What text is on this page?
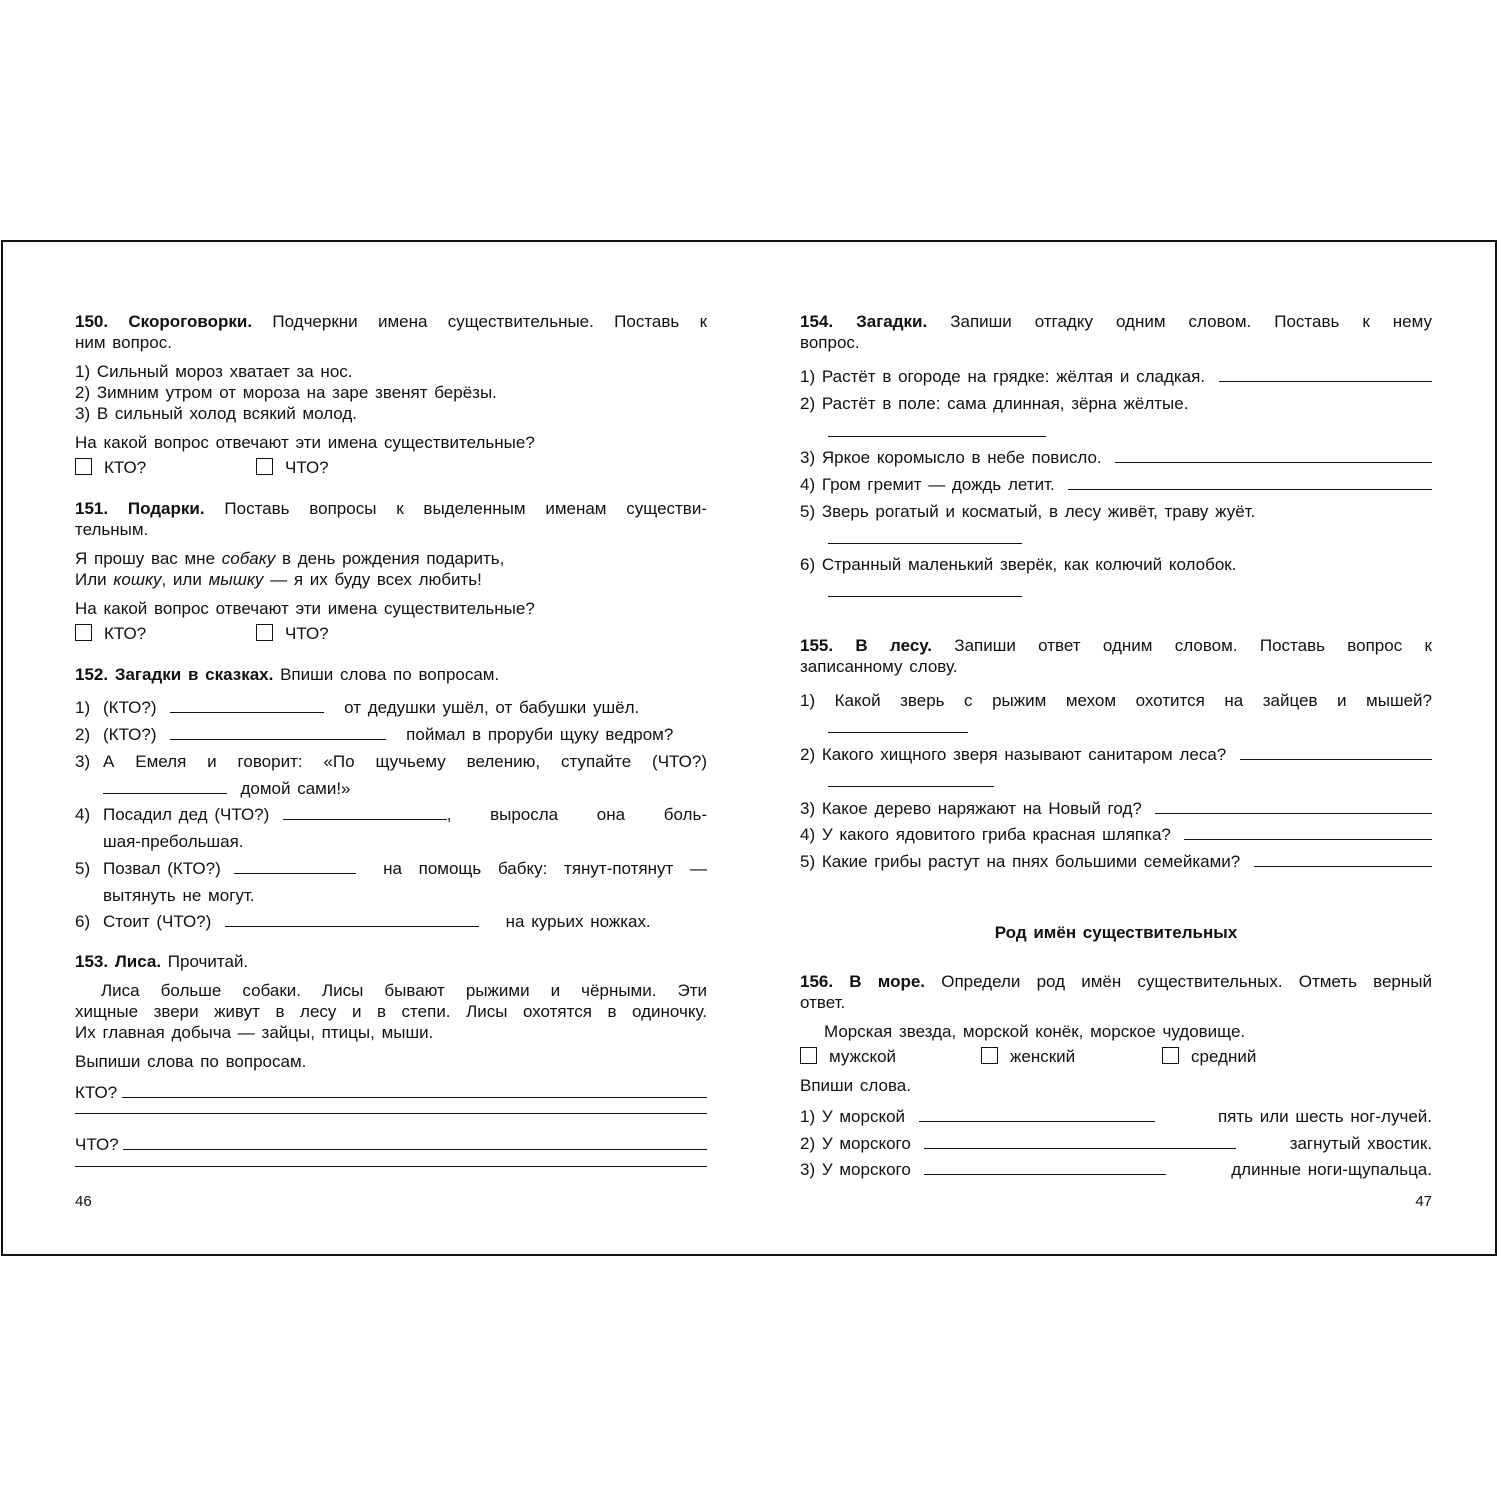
150. Скороговорки. Подчеркни имена существительные. Поставь к
ним вопрос.
1) Сильный мороз хватает за нос.
2) Зимним утром от мороза на заре звенят берёзы.
3) В сильный холод всякий молод.
На какой вопрос отвечают эти имена существительные?
КТО?	ЧТО?
151. Подарки. Поставь вопросы к выделенным именам существи-
тельным.
Я прошу вас мне собаку в день рождения подарить,
Или кошку, или мышку — я их буду всех любить!
На какой вопрос отвечают эти имена существительные?
КТО?	ЧТО?
152. Загадки в сказках. Впиши слова по вопросам.
1) (КТО?)

	от дедушки ушёл, от бабушки ушёл.
2) (КТО?)

	поймал в проруби щуку ведром?
3) А Емеля и говорит: «По щучьему велению, ступайте (ЧТО?)

домой сами!»
4) Посадил дед (ЧТО?)
	, выросла она боль-
шая-пребольшая.
5) Позвал (КТО?)

	на помощь бабку: тянут-потянут —
вытянуть не могут.
6) Стоит (ЧТО?)

	на курьих ножках.
153. Лиса. Прочитай.
Лиса больше собаки. Лисы бывают рыжими и чёрными. Эти
хищные звери живут в лесу и в степи. Лисы охотятся в одиночку.
Их главная добыча — зайцы, птицы, мыши.
Выпиши слова по вопросам.
КТО?

ЧТО?

46
154. Загадки. Запиши отгадку одним словом. Поставь к нему
вопрос.
1) Растёт в огороде на грядке: жёлтая и сладкая.

2) Растёт в поле: сама длинная, зёрна жёлтые.
3) Яркое коромысло в небе повисло.

4) Гром гремит — дождь летит.

5) Зверь рогатый и косматый, в лесу живёт, траву жуёт.
6) Странный маленький зверёк, как колючий колобок.
155. В лесу. Запиши ответ одним словом. Поставь вопрос к
записанному слову.
1) Какой зверь с рыжим мехом охотится на зайцев и мышей?
2) Какого хищного зверя называют санитаром леса?

3) Какое дерево наряжают на Новый год?

4) У какого ядовитого гриба красная шляпка?

5) Какие грибы растут на пнях большими семейками?

Род имён существительных
156. В море. Определи род имён существительных. Отметь верный
ответ.
Морская звезда, морской конёк, морское чудовище.
мужской	женский	средний
Впиши слова.
1) У морской
	пять или шесть ног-лучей.
2) У морского
	загнутый хвостик.
3) У морского
	длинные ноги-щупальца.
47
